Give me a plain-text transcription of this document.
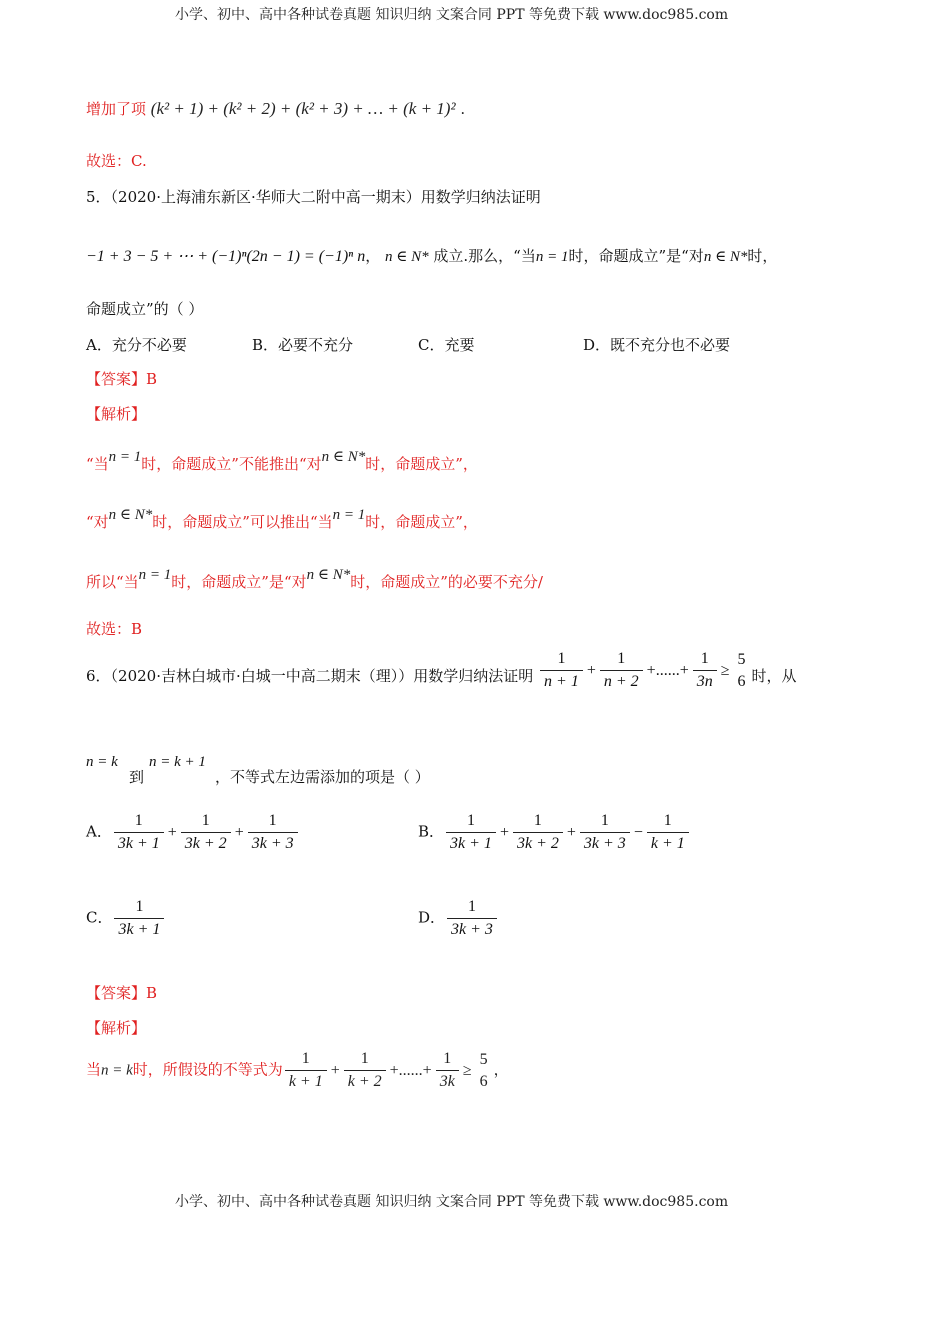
小学、初中、高中各种试卷真题 知识归纳 文案合同 PPT 等免费下载 www.doc985.com
增加了项 (k² + 1) + (k² + 2) + (k² + 3) + … + (k + 1)² .
故选：C.
5．（2020·上海浦东新区·华师大二附中高一期末）用数学归纳法证明
−1 + 3 − 5 + ⋯ + (−1)ⁿ(2n − 1) = (−1)ⁿ n， n ∈ N* 成立.那么，“当n = 1时，命题成立”是“对n ∈ N*时，
命题成立”的（ ）
A．充分不必要	B．必要不充分	C．充要	D．既不充分也不必要
【答案】B
【解析】
“当n = 1时，命题成立”不能推出“对n ∈ N*时，命题成立”，
“对n ∈ N*时，命题成立”可以推出“当n = 1时，命题成立”，
所以“当n = 1时，命题成立”是“对n ∈ N*时，命题成立”的必要不充分/
故选：B
6．（2020·吉林白城市·白城一中高二期末（理））用数学归纳法证明 $\frac{1}{n + 1} + \frac{1}{n + 2}$ +......+ $\frac{1}{3n}$ ≥
5
6 时，从
n = k
到
n = k + 1
，不等式左边需添加的项是（ ）
A． $\frac{1}{3k + 1} + \frac{1}{3k + 2} + \frac{1}{3k + 3}$	B． $\frac{1}{3k + 1} + \frac{1}{3k + 2} + \frac{1}{3k + 3} - \frac{1}{k + 1}$
C． $\frac{1}{3k + 1}$	D． $\frac{1}{3k + 3}$
【答案】B
【解析】
当n = k时，所假设的不等式为 $\frac{1}{k + 1} + \frac{1}{k + 2}$ +......+ $\frac{1}{3k}$ ≥
5
6
，
小学、初中、高中各种试卷真题 知识归纳 文案合同 PPT 等免费下载 www.doc985.com
